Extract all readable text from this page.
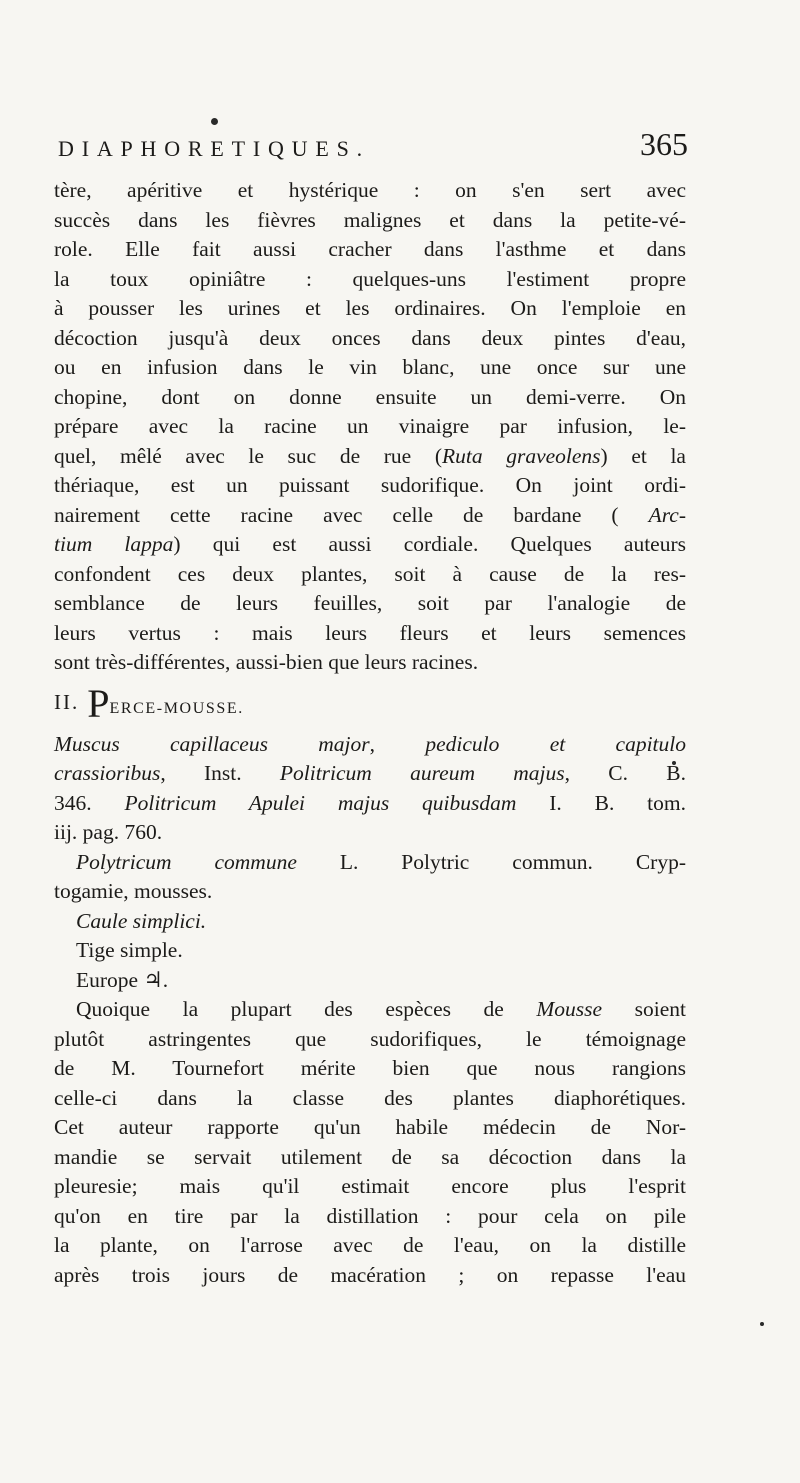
DIAPHORETIQUES.	365
tère, apéritive et hystérique : on s'en sert avec
succès dans les fièvres malignes et dans la petite-vé-
role. Elle fait aussi cracher dans l'asthme et dans
la toux opiniâtre : quelques-uns l'estiment propre
à pousser les urines et les ordinaires. On l'emploie en
décoction jusqu'à deux onces dans deux pintes d'eau,
ou en infusion dans le vin blanc, une once sur une
chopine, dont on donne ensuite un demi-verre. On
prépare avec la racine un vinaigre par infusion, le-
quel, mêlé avec le suc de rue (Ruta graveolens) et la
thériaque, est un puissant sudorifique. On joint ordi-
nairement cette racine avec celle de bardane ( Arc-
tium lappa) qui est aussi cordiale. Quelques auteurs
confondent ces deux plantes, soit à cause de la res-
semblance de leurs feuilles, soit par l'analogie de
leurs vertus : mais leurs fleurs et leurs semences
sont très-différentes, aussi-bien que leurs racines.
II. PERCE-MOUSSE.
Muscus capillaceus major, pediculo et capitulo
crassioribus, Inst. Politricum aureum majus, C. B.
346. Politricum Apulei majus quibusdam I. B. tom.
iij. pag. 760.
Polytricum commune L. Polytric commun. Cryp-
togamie, mousses.
Caule simplici.
Tige simple.
Europe ♃.
Quoique la plupart des espèces de Mousse soient
plutôt astringentes que sudorifiques, le témoignage
de M. Tournefort mérite bien que nous rangions
celle-ci dans la classe des plantes diaphorétiques.
Cet auteur rapporte qu'un habile médecin de Nor-
mandie se servait utilement de sa décoction dans la
pleuresie; mais qu'il estimait encore plus l'esprit
qu'on en tire par la distillation : pour cela on pile
la plante, on l'arrose avec de l'eau, on la distille
après trois jours de macération ; on repasse l'eau
